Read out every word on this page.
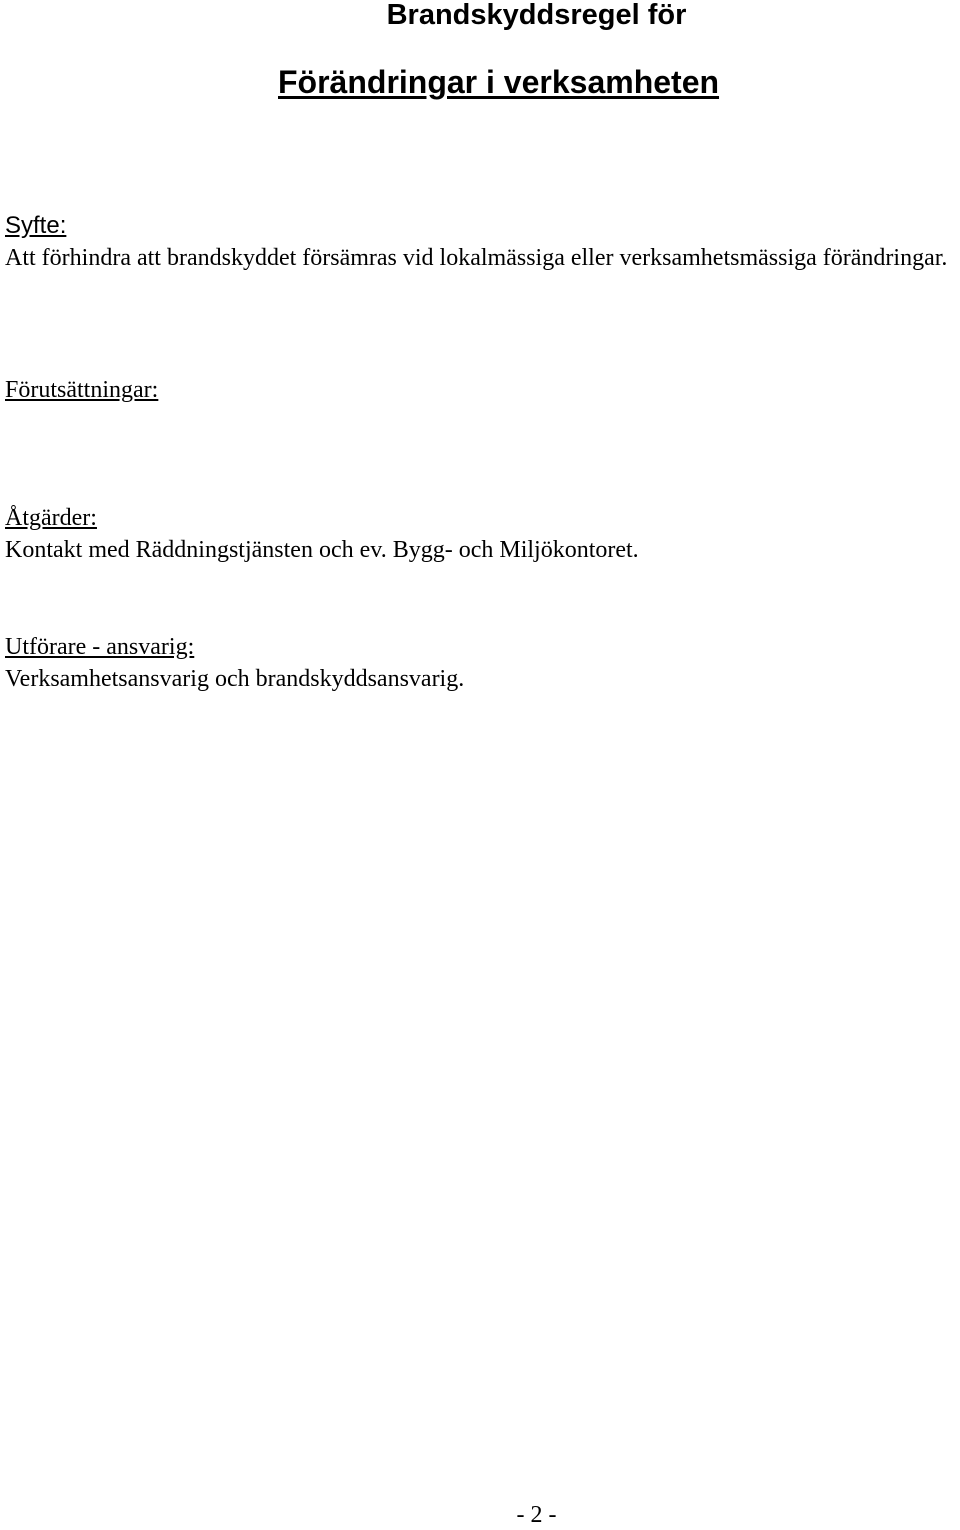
Brandskyddsregel för
Förändringar i verksamheten
Syfte:

Att förhindra att brandskyddet försämras vid lokalmässiga eller verksamhetsmässiga förändringar.

Förutsättningar:
Åtgärder:

Kontakt med Räddningstjänsten och ev. Bygg- och Miljökontoret.

Utförare - ansvarig:

Verksamhetsansvarig och brandskyddsansvarig.

- 2 -
